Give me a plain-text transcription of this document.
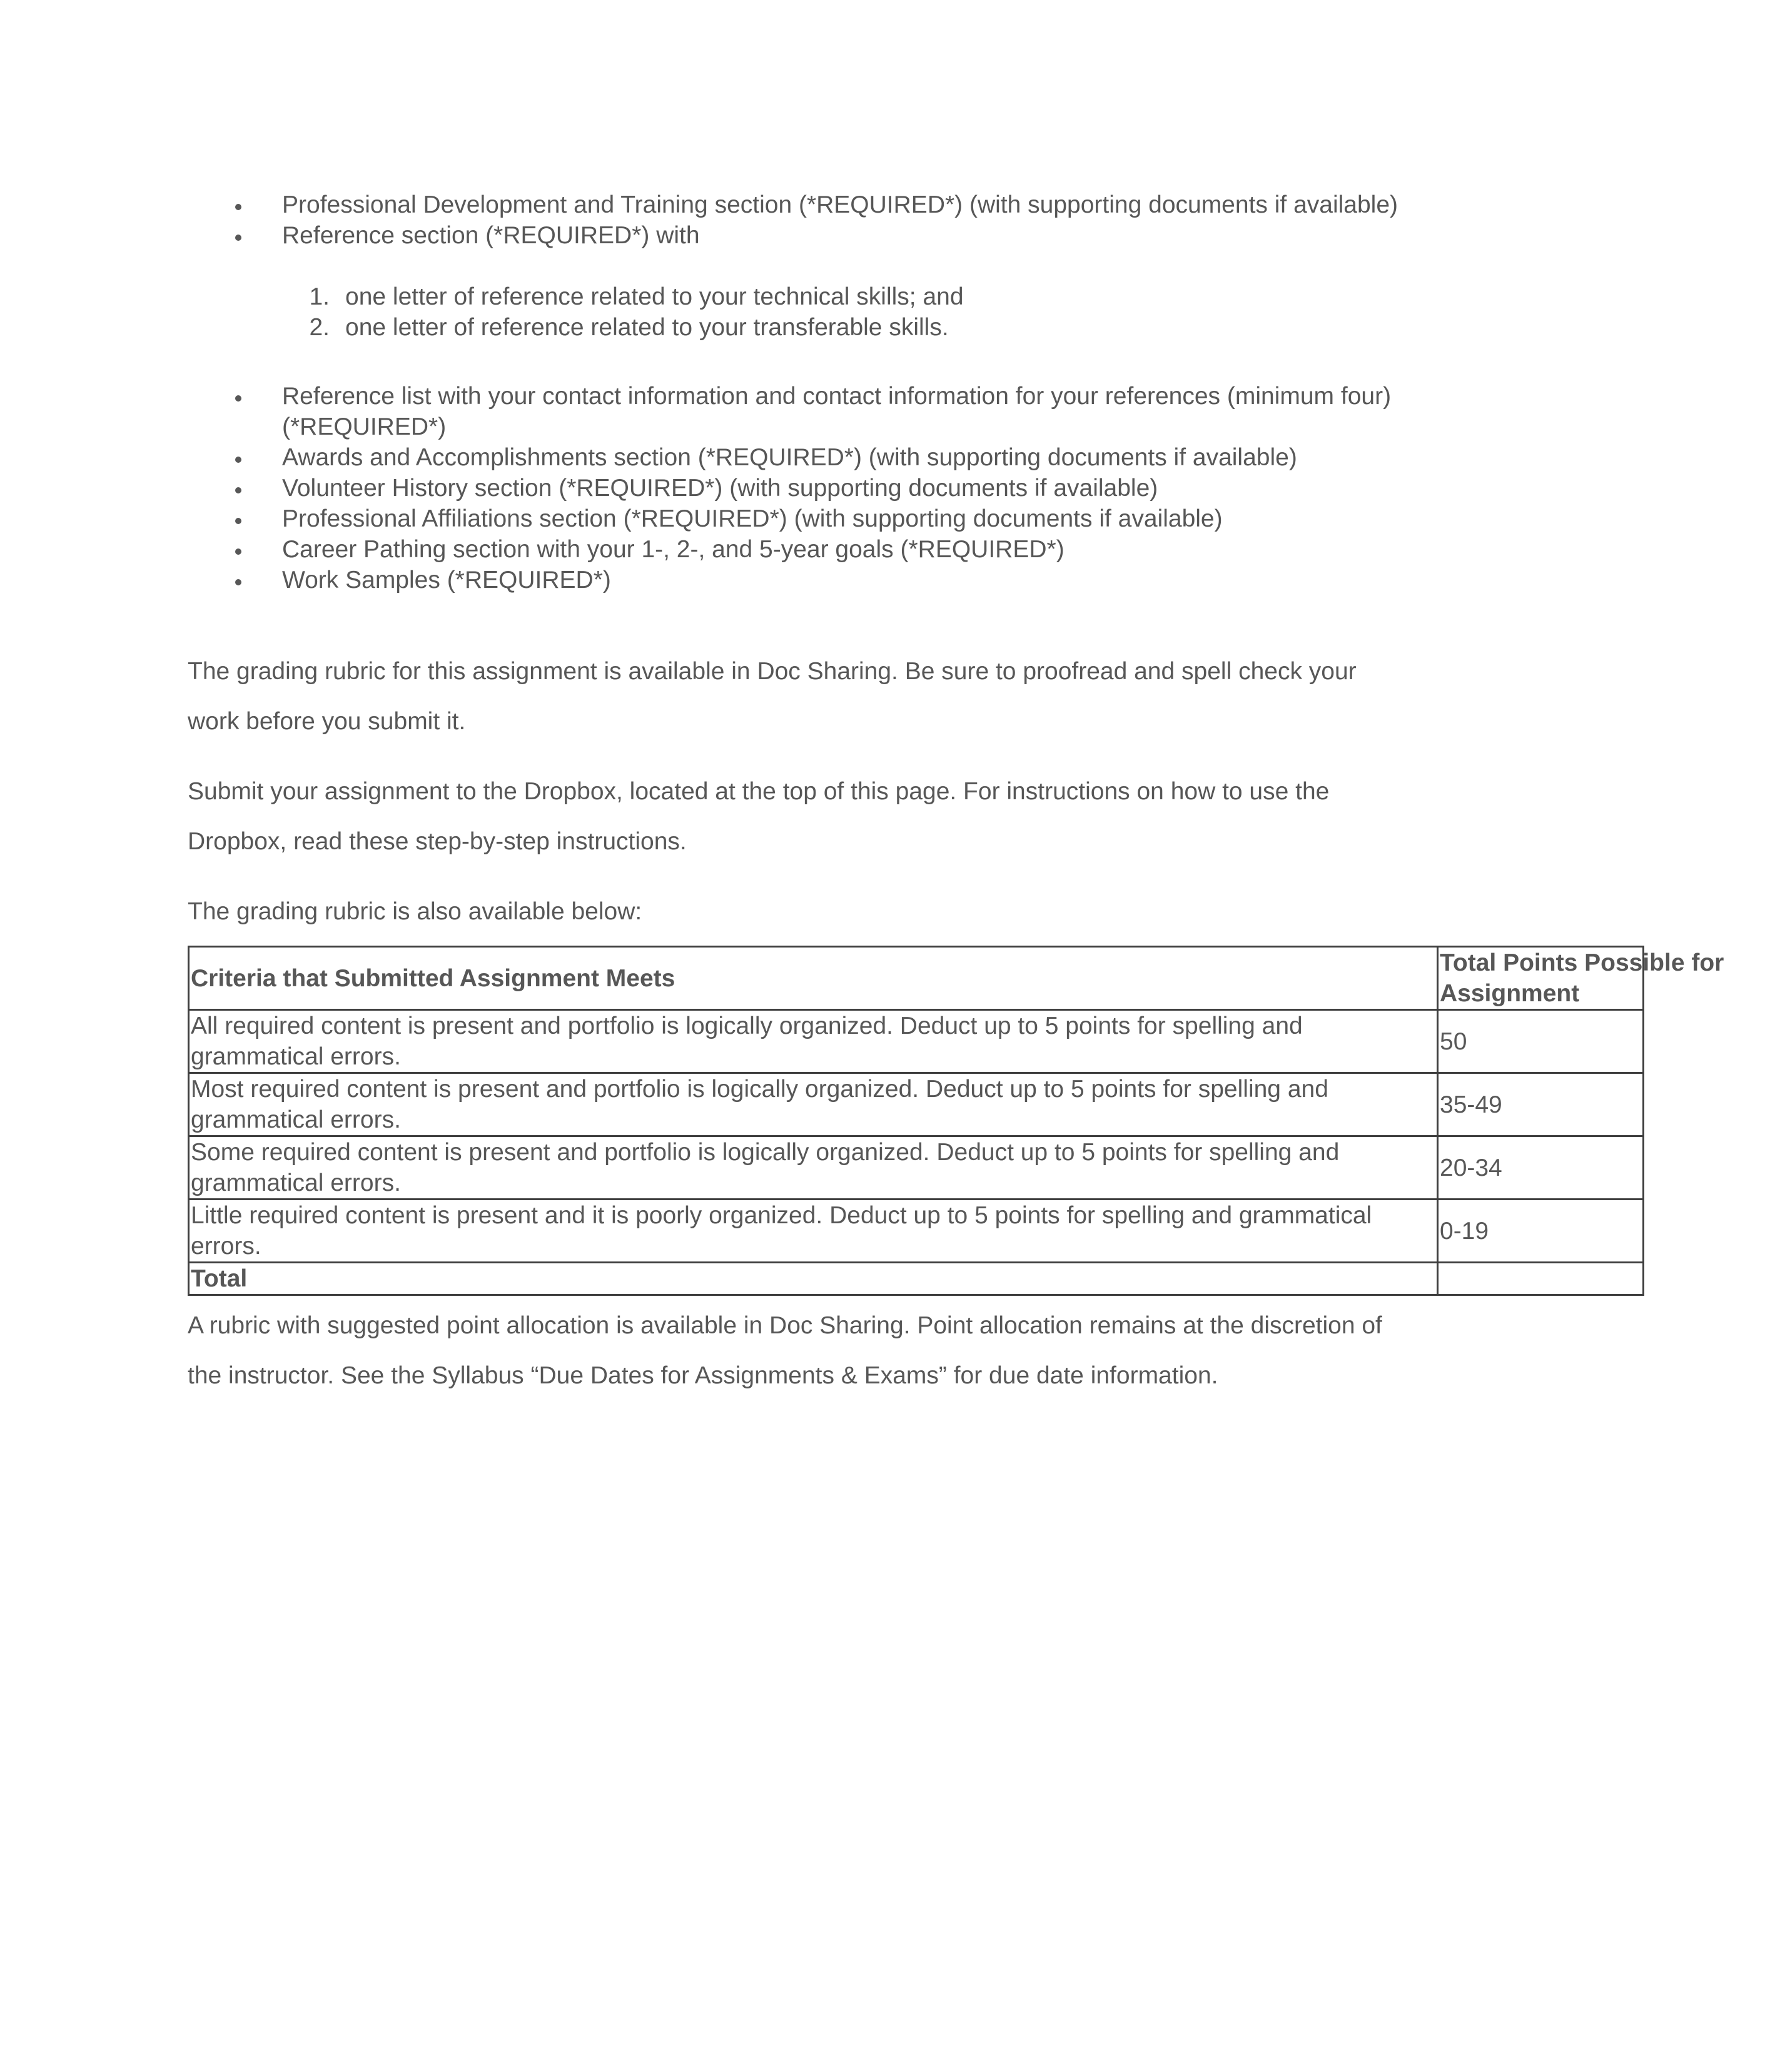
Professional Development and Training section (*REQUIRED*) (with supporting documents if available)
Reference section (*REQUIRED*) with
1. one letter of reference related to your technical skills; and
2. one letter of reference related to your transferable skills.
Reference list with your contact information and contact information for your references (minimum four) (*REQUIRED*)
Awards and Accomplishments section (*REQUIRED*) (with supporting documents if available)
Volunteer History section (*REQUIRED*) (with supporting documents if available)
Professional Affiliations section (*REQUIRED*) (with supporting documents if available)
Career Pathing section with your 1-, 2-, and 5-year goals (*REQUIRED*)
Work Samples (*REQUIRED*)

The grading rubric for this assignment is available in Doc Sharing. Be sure to proofread and spell check your work before you submit it.

Submit your assignment to the Dropbox, located at the top of this page. For instructions on how to use the Dropbox, read these step-by-step instructions.

The grading rubric is also available below:

Criteria that Submitted Assignment Meets	Total Points Possible for Assignment

All required content is present and portfolio is logically organized. Deduct up to 5 points for spelling and grammatical errors.	50
Most required content is present and portfolio is logically organized. Deduct up to 5 points for spelling and grammatical errors.	35-49
Some required content is present and portfolio is logically organized. Deduct up to 5 points for spelling and grammatical errors.	20-34
Little required content is present and it is poorly organized. Deduct up to 5 points for spelling and grammatical errors.	0-19
Total	

A rubric with suggested point allocation is available in Doc Sharing. Point allocation remains at the discretion of the instructor. See the Syllabus “Due Dates for Assignments & Exams” for due date information.
